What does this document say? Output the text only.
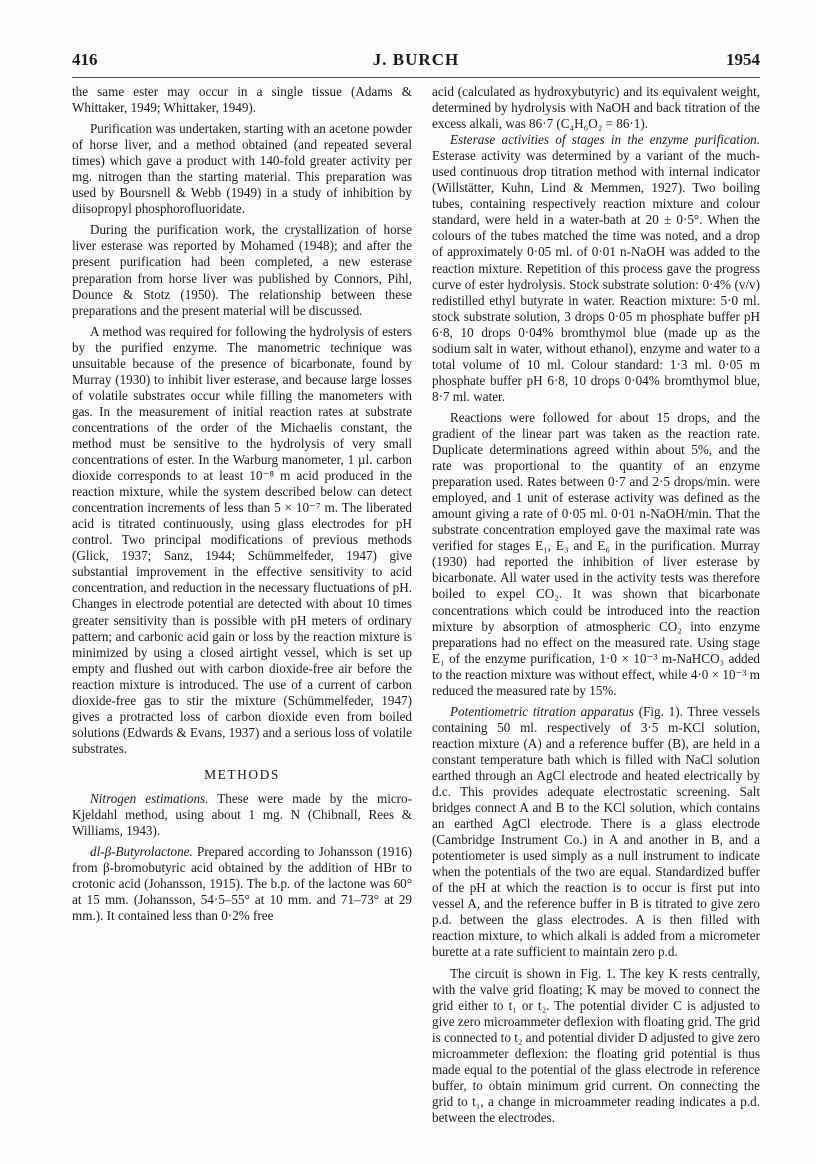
416	J. BURCH	1954

the same ester may occur in a single tissue (Adams & Whittaker, 1949; Whittaker, 1949).

Purification was undertaken, starting with an acetone powder of horse liver, and a method obtained (and repeated several times) which gave a product with 140-fold greater activity per mg. nitrogen than the starting material. This preparation was used by Boursnell & Webb (1949) in a study of inhibition by diisopropyl phosphorofluoridate.

During the purification work, the crystallization of horse liver esterase was reported by Mohamed (1948); and after the present purification had been completed, a new esterase preparation from horse liver was published by Connors, Pihl, Dounce & Stotz (1950). The relationship between these preparations and the present material will be discussed.

A method was required for following the hydrolysis of esters by the purified enzyme. The manometric technique was unsuitable because of the presence of bicarbonate, found by Murray (1930) to inhibit liver esterase, and because large losses of volatile substrates occur while filling the manometers with gas. In the measurement of initial reaction rates at substrate concentrations of the order of the Michaelis constant, the method must be sensitive to the hydrolysis of very small concentrations of ester. In the Warburg manometer, 1 µl. carbon dioxide corresponds to at least 10⁻⁸ m acid produced in the reaction mixture, while the system described below can detect concentration increments of less than 5 × 10⁻⁷ m. The liberated acid is titrated continuously, using glass electrodes for pH control. Two principal modifications of previous methods (Glick, 1937; Sanz, 1944; Schümmelfeder, 1947) give substantial improvement in the effective sensitivity to acid concentration, and reduction in the necessary fluctuations of pH. Changes in electrode potential are detected with about 10 times greater sensitivity than is possible with pH meters of ordinary pattern; and carbonic acid gain or loss by the reaction mixture is minimized by using a closed airtight vessel, which is set up empty and flushed out with carbon dioxide-free air before the reaction mixture is introduced. The use of a current of carbon dioxide-free gas to stir the mixture (Schümmelfeder, 1947) gives a protracted loss of carbon dioxide even from boiled solutions (Edwards & Evans, 1937) and a serious loss of volatile substrates.

METHODS

Nitrogen estimations. These were made by the micro-Kjeldahl method, using about 1 mg. N (Chibnall, Rees & Williams, 1943).

dl-β-Butyrolactone. Prepared according to Johansson (1916) from β-bromobutyric acid obtained by the addition of HBr to crotonic acid (Johansson, 1915). The b.p. of the lactone was 60° at 15 mm. (Johansson, 54·5–55° at 10 mm. and 71–73° at 29 mm.). It contained less than 0·2% free

acid (calculated as hydroxybutyric) and its equivalent weight, determined by hydrolysis with NaOH and back titration of the excess alkali, was 86·7 (C₄H₆O₂ = 86·1).

Esterase activities of stages in the enzyme purification. Esterase activity was determined by a variant of the much-used continuous drop titration method with internal indicator (Willstätter, Kuhn, Lind & Memmen, 1927). Two boiling tubes, containing respectively reaction mixture and colour standard, were held in a water-bath at 20 ± 0·5°. When the colours of the tubes matched the time was noted, and a drop of approximately 0·05 ml. of 0·01 n-NaOH was added to the reaction mixture. Repetition of this process gave the progress curve of ester hydrolysis. Stock substrate solution: 0·4% (v/v) redistilled ethyl butyrate in water. Reaction mixture: 5·0 ml. stock substrate solution, 3 drops 0·05 m phosphate buffer pH 6·8, 10 drops 0·04% bromthymol blue (made up as the sodium salt in water, without ethanol), enzyme and water to a total volume of 10 ml. Colour standard: 1·3 ml. 0·05 m phosphate buffer pH 6·8, 10 drops 0·04% bromthymol blue, 8·7 ml. water.

Reactions were followed for about 15 drops, and the gradient of the linear part was taken as the reaction rate. Duplicate determinations agreed within about 5%, and the rate was proportional to the quantity of an enzyme preparation used. Rates between 0·7 and 2·5 drops/min. were employed, and 1 unit of esterase activity was defined as the amount giving a rate of 0·05 ml. 0·01 n-NaOH/min. That the substrate concentration employed gave the maximal rate was verified for stages E₁, E₃ and E₆ in the purification. Murray (1930) had reported the inhibition of liver esterase by bicarbonate. All water used in the activity tests was therefore boiled to expel CO₂. It was shown that bicarbonate concentrations which could be introduced into the reaction mixture by absorption of atmospheric CO₂ into enzyme preparations had no effect on the measured rate. Using stage E₁ of the enzyme purification, 1·0 × 10⁻³ m-NaHCO₃ added to the reaction mixture was without effect, while 4·0 × 10⁻³ m reduced the measured rate by 15%.

Potentiometric titration apparatus (Fig. 1). Three vessels containing 50 ml. respectively of 3·5 m-KCl solution, reaction mixture (A) and a reference buffer (B), are held in a constant temperature bath which is filled with NaCl solution earthed through an AgCl electrode and heated electrically by d.c. This provides adequate electrostatic screening. Salt bridges connect A and B to the KCl solution, which contains an earthed AgCl electrode. There is a glass electrode (Cambridge Instrument Co.) in A and another in B, and a potentiometer is used simply as a null instrument to indicate when the potentials of the two are equal. Standardized buffer of the pH at which the reaction is to occur is first put into vessel A, and the reference buffer in B is titrated to give zero p.d. between the glass electrodes. A is then filled with reaction mixture, to which alkali is added from a micrometer burette at a rate sufficient to maintain zero p.d.

The circuit is shown in Fig. 1. The key K rests centrally, with the valve grid floating; K may be moved to connect the grid either to t₁ or t₂. The potential divider C is adjusted to give zero microammeter deflexion with floating grid. The grid is connected to t₂ and potential divider D adjusted to give zero microammeter deflexion: the floating grid potential is thus made equal to the potential of the glass electrode in reference buffer, to obtain minimum grid current. On connecting the grid to t₁, a change in microammeter reading indicates a p.d. between the electrodes.
